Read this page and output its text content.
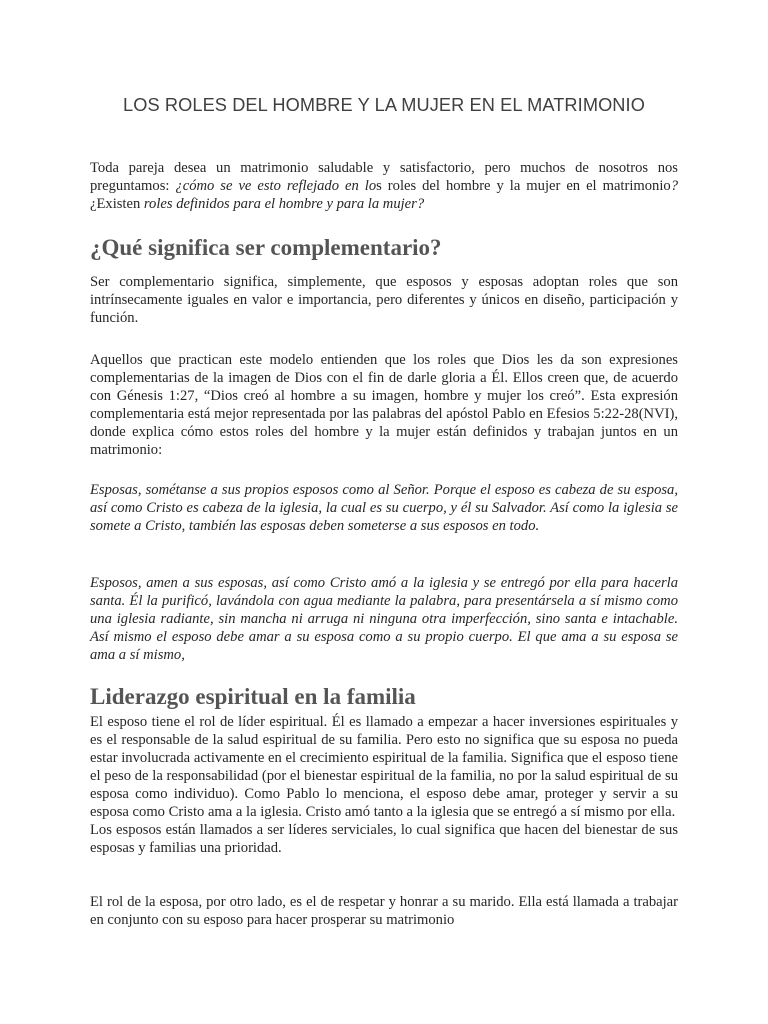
LOS ROLES DEL HOMBRE Y LA MUJER EN EL MATRIMONIO

Toda pareja desea un matrimonio saludable y satisfactorio, pero muchos de nosotros nos preguntamos: ¿cómo se ve esto reflejado en los roles del hombre y la mujer en el matrimonio? ¿Existen roles definidos para el hombre y para la mujer?

¿Qué significa ser complementario?

Ser complementario significa, simplemente, que esposos y esposas adoptan roles que son intrínsecamente iguales en valor e importancia, pero diferentes y únicos en diseño, participación y función.

Aquellos que practican este modelo entienden que los roles que Dios les da son expresiones complementarias de la imagen de Dios con el fin de darle gloria a Él. Ellos creen que, de acuerdo con Génesis 1:27, “Dios creó al hombre a su imagen, hombre y mujer los creó”. Esta expresión complementaria está mejor representada por las palabras del apóstol Pablo en Efesios 5:22-28(NVI), donde explica cómo estos roles del hombre y la mujer están definidos y trabajan juntos en un matrimonio:

Esposas, sométanse a sus propios esposos como al Señor. Porque el esposo es cabeza de su esposa, así como Cristo es cabeza de la iglesia, la cual es su cuerpo, y él su Salvador. Así como la iglesia se somete a Cristo, también las esposas deben someterse a sus esposos en todo.

Esposos, amen a sus esposas, así como Cristo amó a la iglesia y se entregó por ella para hacerla santa. Él la purificó, lavándola con agua mediante la palabra, para presentársela a sí mismo como una iglesia radiante, sin mancha ni arruga ni ninguna otra imperfección, sino santa e intachable. Así mismo el esposo debe amar a su esposa como a su propio cuerpo. El que ama a su esposa se ama a sí mismo,

Liderazgo espiritual en la familia

El esposo tiene el rol de líder espiritual. Él es llamado a empezar a hacer inversiones espirituales y es el responsable de la salud espiritual de su familia. Pero esto no significa que su esposa no pueda estar involucrada activamente en el crecimiento espiritual de la familia. Significa que el esposo tiene el peso de la responsabilidad (por el bienestar espiritual de la familia, no por la salud espiritual de su esposa como individuo). Como Pablo lo menciona, el esposo debe amar, proteger y servir a su esposa como Cristo ama a la iglesia. Cristo amó tanto a la iglesia que se entregó a sí mismo por ella.
Los esposos están llamados a ser líderes serviciales, lo cual significa que hacen del bienestar de sus esposas y familias una prioridad.

El rol de la esposa, por otro lado, es el de respetar y honrar a su marido. Ella está llamada a trabajar en conjunto con su esposo para hacer prosperar su matrimonio
